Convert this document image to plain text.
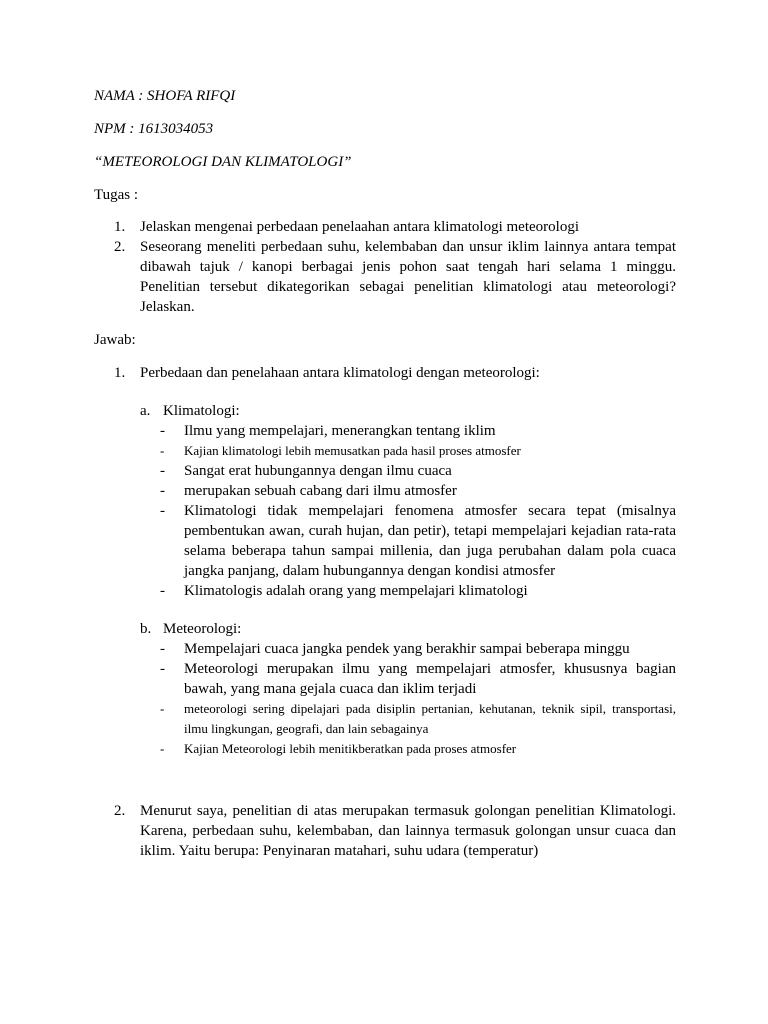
NAMA : SHOFA RIFQI

NPM : 1613034053

“METEOROLOGI DAN KLIMATOLOGI”

Tugas :

1. Jelaskan mengenai perbedaan penelaahan antara klimatologi meteorologi
2. Seseorang meneliti perbedaan suhu, kelembaban dan unsur iklim lainnya antara tempat dibawah tajuk / kanopi berbagai jenis pohon saat tengah hari selama 1 minggu. Penelitian tersebut dikategorikan sebagai penelitian klimatologi atau meteorologi? Jelaskan.

Jawab:

1. Perbedaan dan penelahaan antara klimatologi dengan meteorologi:
a. Klimatologi:
-	Ilmu yang mempelajari, menerangkan tentang iklim
-	Kajian klimatologi lebih memusatkan pada hasil proses atmosfer
-	Sangat erat hubungannya dengan ilmu cuaca
-	merupakan sebuah cabang dari ilmu atmosfer
-	Klimatologi tidak mempelajari fenomena atmosfer secara tepat (misalnya pembentukan awan, curah hujan, dan petir), tetapi mempelajari kejadian rata-rata selama beberapa tahun sampai millenia, dan juga perubahan dalam pola cuaca jangka panjang, dalam hubungannya dengan kondisi atmosfer
-	Klimatologis adalah orang yang mempelajari klimatologi
b. Meteorologi:
-	Mempelajari cuaca jangka pendek yang berakhir sampai beberapa minggu
-	Meteorologi merupakan ilmu yang mempelajari atmosfer, khususnya bagian bawah, yang mana gejala cuaca dan iklim terjadi
-	meteorologi sering dipelajari pada disiplin pertanian, kehutanan, teknik sipil, transportasi, ilmu lingkungan, geografi, dan lain sebagainya
-	Kajian Meteorologi lebih menitikberatkan pada proses atmosfer
2. Menurut saya, penelitian di atas merupakan termasuk golongan penelitian Klimatologi. Karena, perbedaan suhu, kelembaban, dan lainnya termasuk golongan unsur cuaca dan iklim. Yaitu berupa: Penyinaran matahari, suhu udara (temperatur)
